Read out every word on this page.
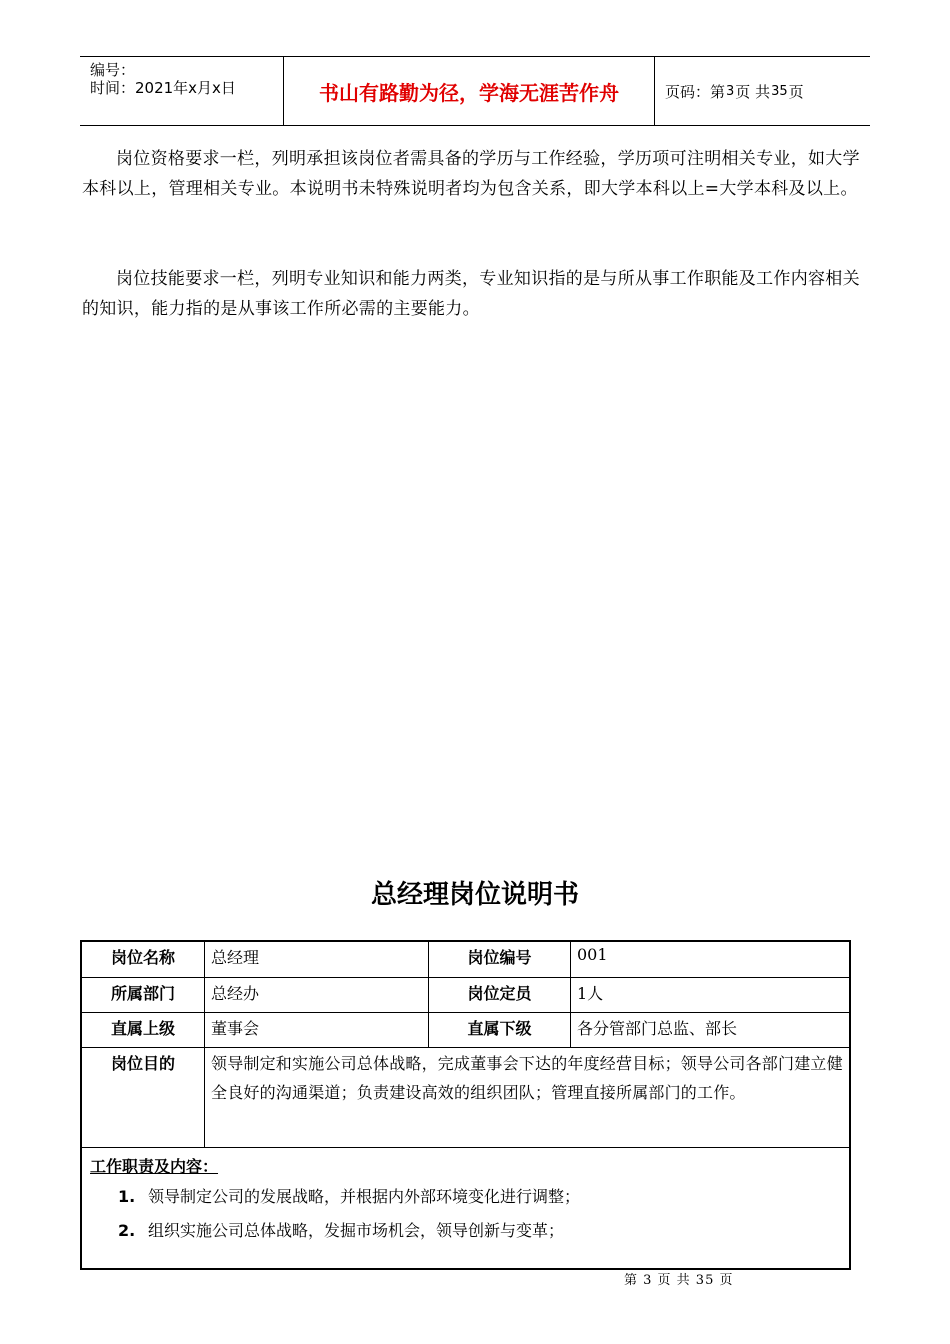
编号：
时间：2021年x月x日	书山有路勤为径，学海无涯苦作舟	页码：第 3 页 共 35 页

岗位资格要求一栏，列明承担该岗位者需具备的学历与工作经验，学历项可注明相关专业，如大学本科以上，管理相关专业。本说明书未特殊说明者均为包含关系，即大学本科以上=大学本科及以上。

岗位技能要求一栏，列明专业知识和能力两类，专业知识指的是与所从事工作职能及工作内容相关的知识，能力指的是从事该工作所必需的主要能力。

总经理岗位说明书
岗位名称	总经理	岗位编号	001
所属部门	总经办	岗位定员	1人
直属上级	董事会	直属下级	各分管部门总监、部长
岗位目的	领导制定和实施公司总体战略，完成董事会下达的年度经营目标；领导公司各部门建立健全良好的沟通渠道；负责建设高效的组织团队；管理直接所属部门的工作。
工作职责及内容：
1. 领导制定公司的发展战略，并根据内外部环境变化进行调整；
2. 组织实施公司总体战略，发掘市场机会，领导创新与变革；
第 3 页 共 35 页
